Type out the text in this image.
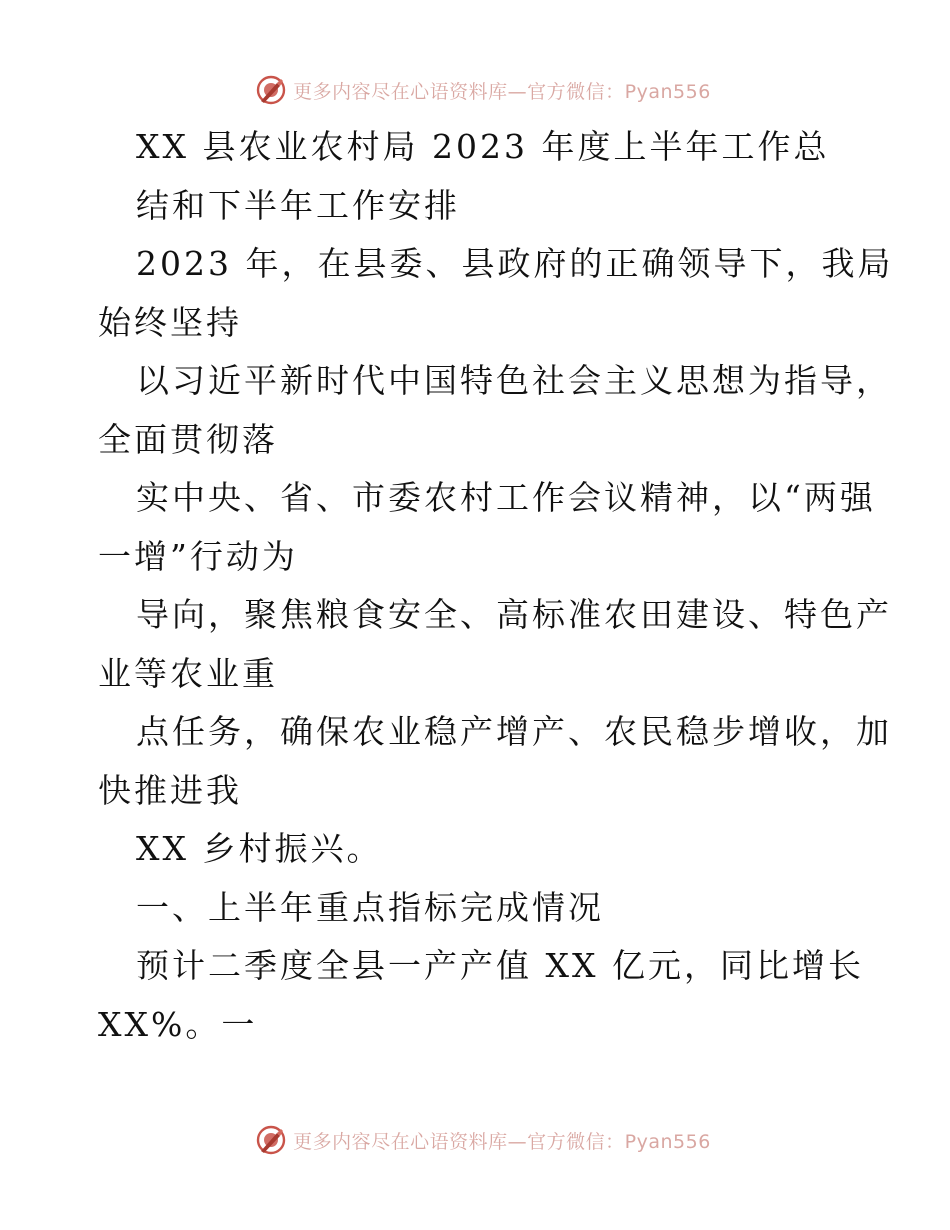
更多内容尽在心语资料库—官方微信：Pyan556
XX 县农业农村局 2023 年度上半年工作总
结和下半年工作安排
2023 年，在县委、县政府的正确领导下，我局
始终坚持
以习近平新时代中国特色社会主义思想为指导，
全面贯彻落
实中央、省、市委农村工作会议精神，以“两强
一增”行动为
导向，聚焦粮食安全、高标准农田建设、特色产
业等农业重
点任务，确保农业稳产增产、农民稳步增收，加
快推进我
XX 乡村振兴。
一、上半年重点指标完成情况
预计二季度全县一产产值 XX 亿元，同比增长
XX%。一
更多内容尽在心语资料库—官方微信：Pyan556
